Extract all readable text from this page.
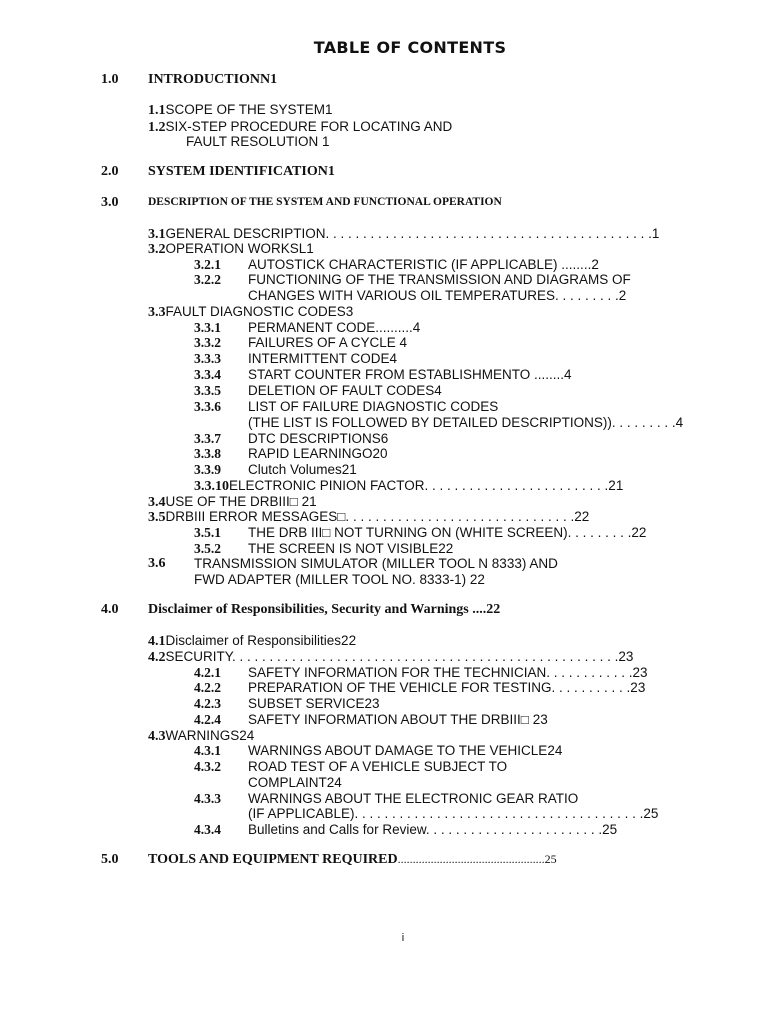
TABLE OF CONTENTS
1.0 INTRODUCTIONN1
1.1SCOPE OF THE SYSTEM1
1.2SIX-STEP PROCEDURE FOR LOCATING AND
FAULT RESOLUTION 1
2.0 SYSTEM IDENTIFICATION1
3.0	DESCRIPTION OF THE SYSTEM AND FUNCTIONAL OPERATION
3.1GENERAL DESCRIPTION. . . . . . . . . . . . . . . . . . . . . . . . . . . . . . . . . . . . . . . . . . . .1
3.2OPERATION WORKSL1
3.2.1 AUTOSTICK CHARACTERISTIC (IF APPLICABLE) ........2
3.2.2 FUNCTIONING OF THE TRANSMISSION AND DIAGRAMS OF
CHANGES WITH VARIOUS OIL TEMPERATURES. . . . . . . . .2
3.3FAULT DIAGNOSTIC CODES3
3.3.1 PERMANENT CODE..........4
3.3.2 FAILURES OF A CYCLE 4
3.3.3 INTERMITTENT CODE4
3.3.4 START COUNTER FROM ESTABLISHMENTO ........4
3.3.5 DELETION OF FAULT CODES4
3.3.6 LIST OF FAILURE DIAGNOSTIC CODES
(THE LIST IS FOLLOWED BY DETAILED DESCRIPTIONS)). . . . . . . . .4
3.3.7 DTC DESCRIPTIONS6
3.3.8 RAPID LEARNINGO20
3.3.9 Clutch Volumes21
3.3.10ELECTRONIC PINION FACTOR. . . . . . . . . . . . . . . . . . . . . . . . .21
3.4USE OF THE DRBIII□ 21
3.5DRBIII ERROR MESSAGES□. . . . . . . . . . . . . . . . . . . . . . . . . . . . . . .22
3.5.1 THE DRB III□ NOT TURNING ON (WHITE SCREEN). . . . . . . . .22
3.5.2 THE SCREEN IS NOT VISIBLE22
3.6 TRANSMISSION SIMULATOR (MILLER TOOL N 8333) AND
FWD ADAPTER (MILLER TOOL NO. 8333-1) 22
4.0 Disclaimer of Responsibilities, Security and Warnings ....22
4.1Disclaimer of Responsibilities22
4.2SECURITY. . . . . . . . . . . . . . . . . . . . . . . . . . . . . . . . . . . . . . . . . . . . . . . . . . . .23
4.2.1 SAFETY INFORMATION FOR THE TECHNICIAN. . . . . . . . . . . .23
4.2.2 PREPARATION OF THE VEHICLE FOR TESTING. . . . . . . . . . .23
4.2.3 SUBSET SERVICE23
4.2.4 SAFETY INFORMATION ABOUT THE DRBIII□ 23
4.3WARNINGS24
4.3.1 WARNINGS ABOUT DAMAGE TO THE VEHICLE24
4.3.2 ROAD TEST OF A VEHICLE SUBJECT TO
COMPLAINT24
4.3.3 WARNINGS ABOUT THE ELECTRONIC GEAR RATIO
(IF APPLICABLE). . . . . . . . . . . . . . . . . . . . . . . . . . . . . . . . . . . . . . .25
4.3.4 Bulletins and Calls for Review. . . . . . . . . . . . . . . . . . . . . . . .25
5.0 TOOLS AND EQUIPMENT REQUIRED.................................................25
i
